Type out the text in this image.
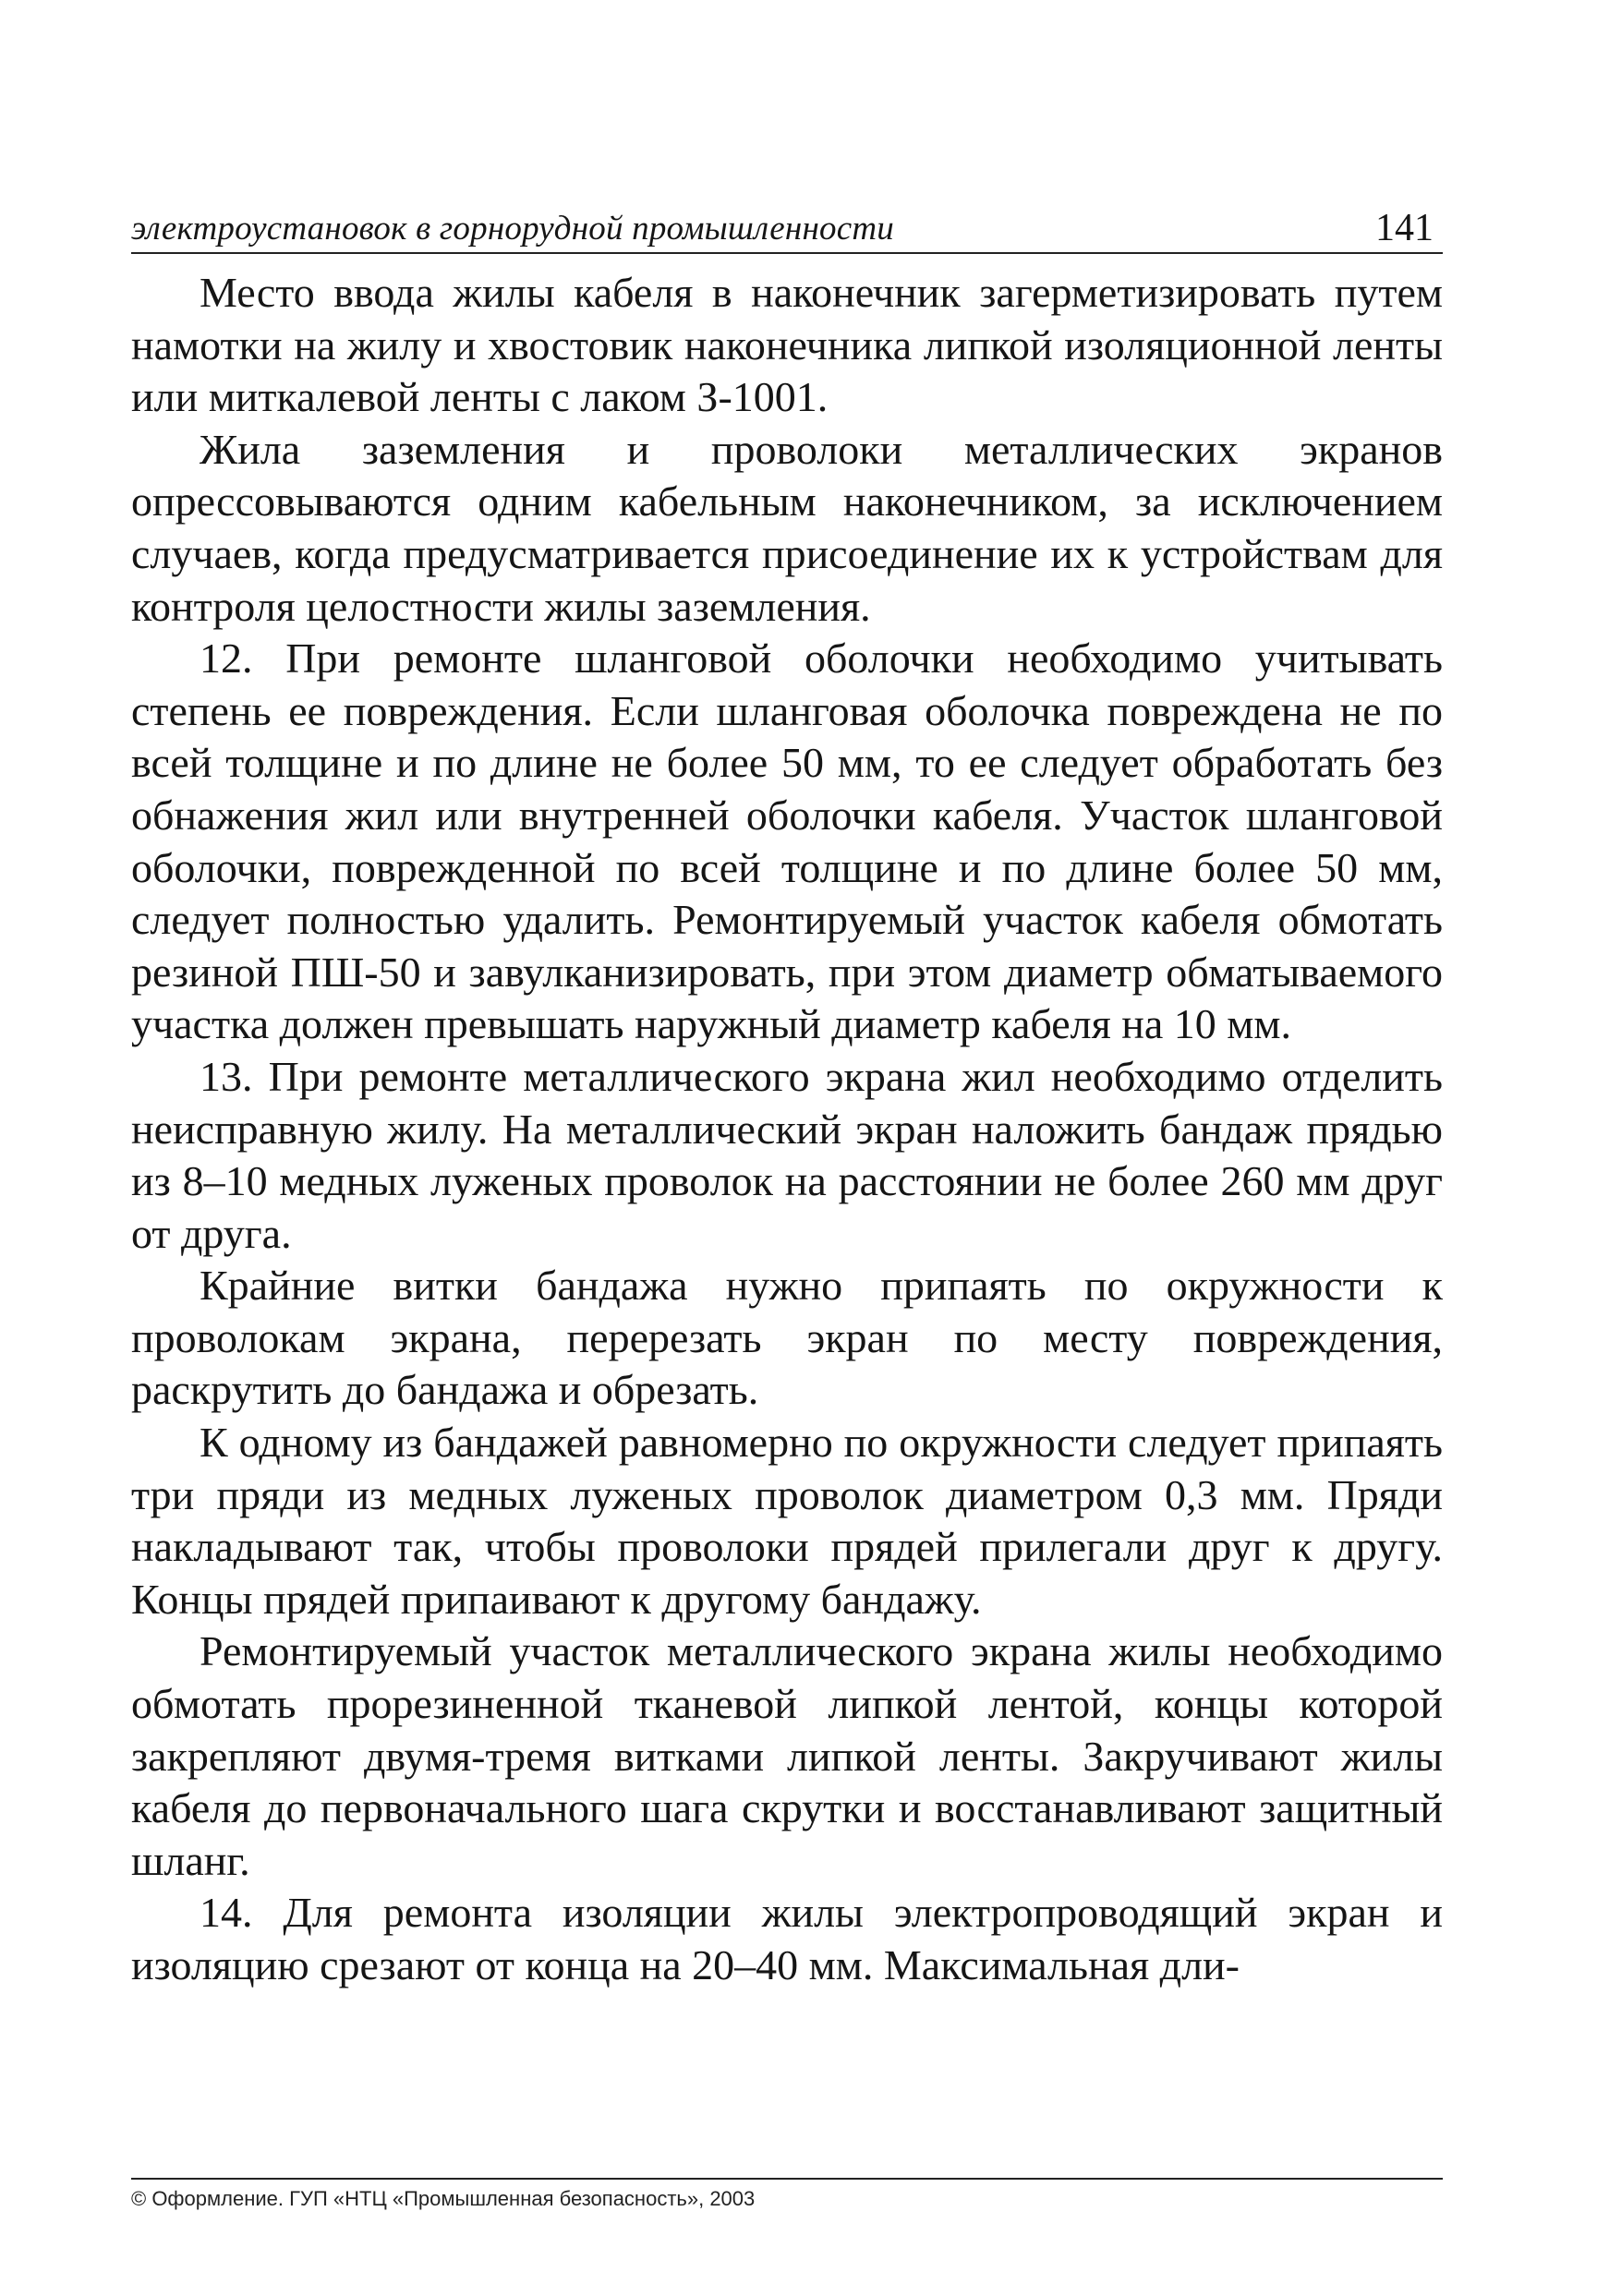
электроустановок в горнорудной промышленности	141

Место ввода жилы кабеля в наконечник загерметизировать путем намотки на жилу и хвостовик наконечника липкой изоляционной ленты или миткалевой ленты с лаком З-1001.

Жила заземления и проволоки металлических экранов опрессовываются одним кабельным наконечником, за исключением случаев, когда предусматривается присоединение их к устройствам для контроля целостности жилы заземления.

12. При ремонте шланговой оболочки необходимо учитывать степень ее повреждения. Если шланговая оболочка повреждена не по всей толщине и по длине не более 50 мм, то ее следует обработать без обнажения жил или внутренней оболочки кабеля. Участок шланговой оболочки, поврежденной по всей толщине и по длине более 50 мм, следует полностью удалить. Ремонтируемый участок кабеля обмотать резиной ПШ-50 и завулканизировать, при этом диаметр обматываемого участка должен превышать наружный диаметр кабеля на 10 мм.

13. При ремонте металлического экрана жил необходимо отделить неисправную жилу. На металлический экран наложить бандаж прядью из 8–10 медных луженых проволок на расстоянии не более 260 мм друг от друга.

Крайние витки бандажа нужно припаять по окружности к проволокам экрана, перерезать экран по месту повреждения, раскрутить до бандажа и обрезать.

К одному из бандажей равномерно по окружности следует припаять три пряди из медных луженых проволок диаметром 0,3 мм. Пряди накладывают так, чтобы проволоки прядей прилегали друг к другу. Концы прядей припаивают к другому бандажу.

Ремонтируемый участок металлического экрана жилы необходимо обмотать прорезиненной тканевой липкой лентой, концы которой закрепляют двумя-тремя витками липкой ленты. Закручивают жилы кабеля до первоначального шага скрутки и восстанавливают защитный шланг.

14. Для ремонта изоляции жилы электропроводящий экран и изоляцию срезают от конца на 20–40 мм. Максимальная дли-

© Оформление. ГУП «НТЦ «Промышленная безопасность», 2003
